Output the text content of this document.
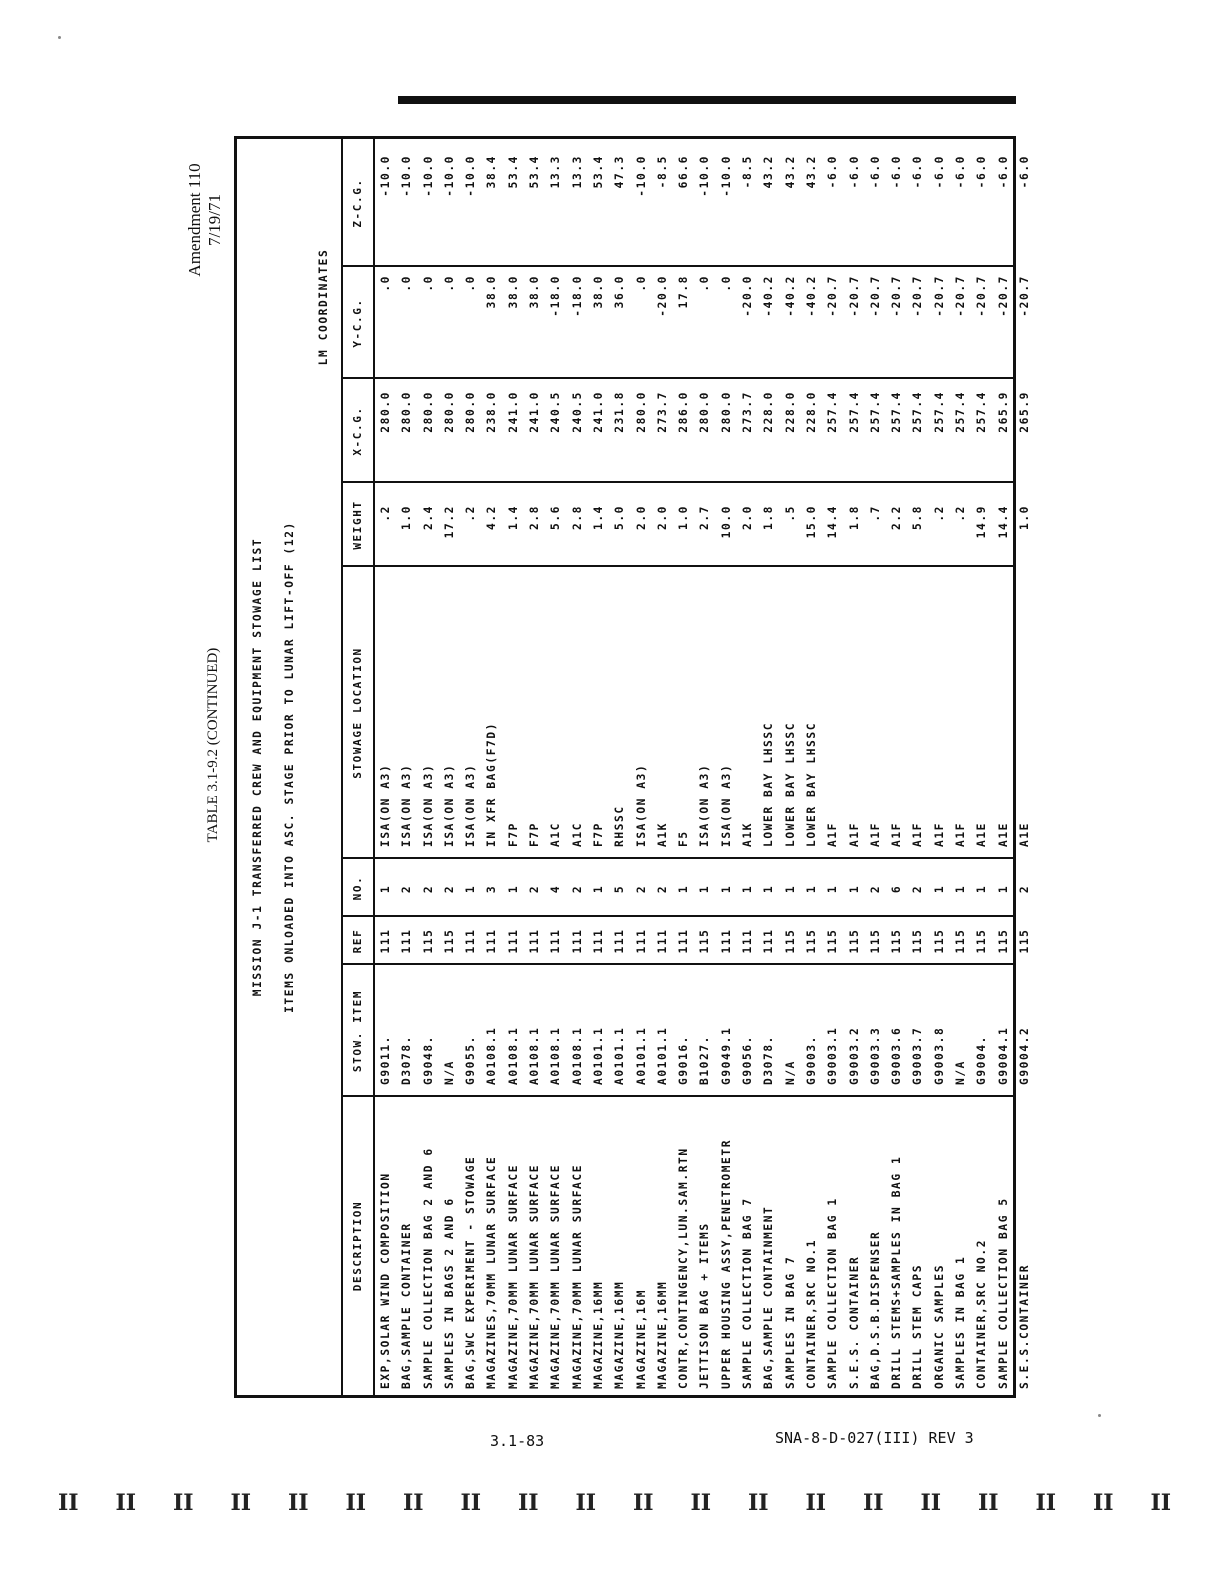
Amendment 110 7/19/71
TABLE 3.1-9.2 (CONTINUED)	MISSION J-1 TRANSFERRED CREW AND EQUIPMENT STOWAGE LIST ITEMS ONLOADED INTO ASC. STAGE PRIOR TO LUNAR LIFT-OFF (12)
LM COORDINATES
DESCRIPTION
STOW. ITEM
REF
NO.
STOWAGE LOCATION
WEIGHT
X-C.G.
Y-C.G.
Z-C.G.
EXP,SOLAR WIND COMPOSITION
G9011.
111
1
ISA(ON A3)
.2
280.0
.0
-10.0
BAG,SAMPLE CONTAINER
D3078.
111
2
ISA(ON A3)
1.0
280.0
.0
-10.0
SAMPLE COLLECTION BAG 2 AND 6
G9048.
115
2
ISA(ON A3)
2.4
280.0
.0
-10.0
SAMPLES IN BAGS 2 AND 6
N/A
115
2
ISA(ON A3)
17.2
280.0
.0
-10.0
BAG,SWC EXPERIMENT - STOWAGE
G9055.
111
1
ISA(ON A3)
.2
280.0
.0
-10.0
MAGAZINES,70MM LUNAR SURFACE
A0108.1
111
3
IN XFR BAG(F7D)
4.2
238.0
38.0
38.4
MAGAZINE,70MM LUNAR SURFACE
A0108.1
111
1
F7P
1.4
241.0
38.0
53.4
MAGAZINE,70MM LUNAR SURFACE
A0108.1
111
2
F7P
2.8
241.0
38.0
53.4
MAGAZINE,70MM LUNAR SURFACE
A0108.1
111
4
A1C
5.6
240.5
-18.0
13.3
MAGAZINE,70MM LUNAR SURFACE
A0108.1
111
2
A1C
2.8
240.5
-18.0
13.3
MAGAZINE,16MM
A0101.1
111
1
F7P
1.4
241.0
38.0
53.4
MAGAZINE,16MM
A0101.1
111
5
RHSSC
5.0
231.8
36.0
47.3
MAGAZINE,16M
A0101.1
111
2
ISA(ON A3)
2.0
280.0
.0
-10.0
MAGAZINE,16MM
A0101.1
111
2
A1K
2.0
273.7
-20.0
-8.5
CONTR,CONTINGENCY,LUN.SAM.RTN
G9016.
111
1
F5
1.0
286.0
17.8
66.6
JETTISON BAG + ITEMS
B1027.
115
1
ISA(ON A3)
2.7
280.0
.0
-10.0
UPPER HOUSING ASSY,PENETROMETR
G9049.1
111
1
ISA(ON A3)
10.0
280.0
.0
-10.0
SAMPLE COLLECTION BAG 7
G9056.
111
1
A1K
2.0
273.7
-20.0
-8.5
BAG,SAMPLE CONTAINMENT
D3078.
111
1
LOWER BAY LHSSC
1.8
228.0
-40.2
43.2
SAMPLES IN BAG 7
N/A
115
1
LOWER BAY LHSSC
.5
228.0
-40.2
43.2
CONTAINER,SRC NO.1
G9003.
115
1
LOWER BAY LHSSC
15.0
228.0
-40.2
43.2
SAMPLE COLLECTION BAG 1
G9003.1
115
1
A1F
14.4
257.4
-20.7
-6.0
S.E.S. CONTAINER
G9003.2
115
1
A1F
1.8
257.4
-20.7
-6.0
BAG,D.S.B.DISPENSER
G9003.3
115
2
A1F
.7
257.4
-20.7
-6.0
DRILL STEMS+SAMPLES IN BAG 1
G9003.6
115
6
A1F
2.2
257.4
-20.7
-6.0
DRILL STEM CAPS
G9003.7
115
2
A1F
5.8
257.4
-20.7
-6.0
ORGANIC SAMPLES
G9003.8
115
1
A1F
.2
257.4
-20.7
-6.0
SAMPLES IN BAG 1
N/A
115
1
A1F
.2
257.4
-20.7
-6.0
CONTAINER,SRC NO.2
G9004.
115
1
A1E
14.9
257.4
-20.7
-6.0
SAMPLE COLLECTION BAG 5
G9004.1
115
1
A1E
14.4
265.9
-20.7
-6.0
S.E.S.CONTAINER
G9004.2
115
2
A1E
1.0
265.9
-20.7
-6.0
3.1-83	SNA-8-D-027(III) REV 3
II II II II II II II II II II II II II II II II II II II II
